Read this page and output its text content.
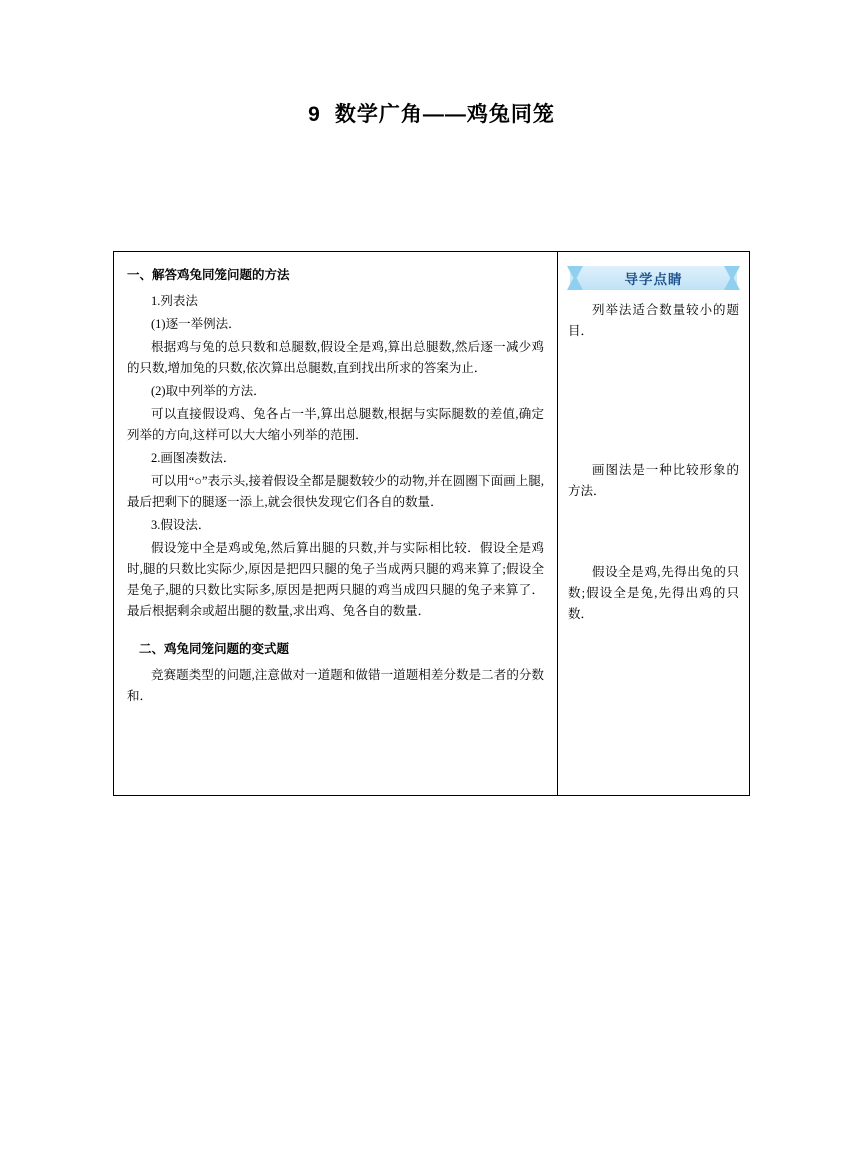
9 数学广角——鸡兔同笼

一、解答鸡兔同笼问题的方法

1.列表法

(1)逐一举例法．

根据鸡与兔的总只数和总腿数,假设全是鸡,算出总腿数,然后逐一减少鸡的只数,增加兔的只数,依次算出总腿数,直到找出所求的答案为止．

(2)取中列举的方法．

可以直接假设鸡、兔各占一半,算出总腿数,根据与实际腿数的差值,确定列举的方向,这样可以大大缩小列举的范围．

2.画图凑数法．

可以用“○”表示头,接着假设全都是腿数较少的动物,并在圆圈下面画上腿,最后把剩下的腿逐一添上,就会很快发现它们各自的数量．

3.假设法．

假设笼中全是鸡或兔,然后算出腿的只数,并与实际相比较．假设全是鸡时,腿的只数比实际少,原因是把四只腿的兔子当成两只腿的鸡来算了;假设全是兔子,腿的只数比实际多,原因是把两只腿的鸡当成四只腿的兔子来算了．最后根据剩余或超出腿的数量,求出鸡、兔各自的数量．

二、鸡兔同笼问题的变式题

竞赛题类型的问题,注意做对一道题和做错一道题相差分数是二者的分数和．

导学点睛

列举法适合数量较小的题目．

画图法是一种比较形象的方法．

假设全是鸡,先得出兔的只数;假设全是兔,先得出鸡的只数．
